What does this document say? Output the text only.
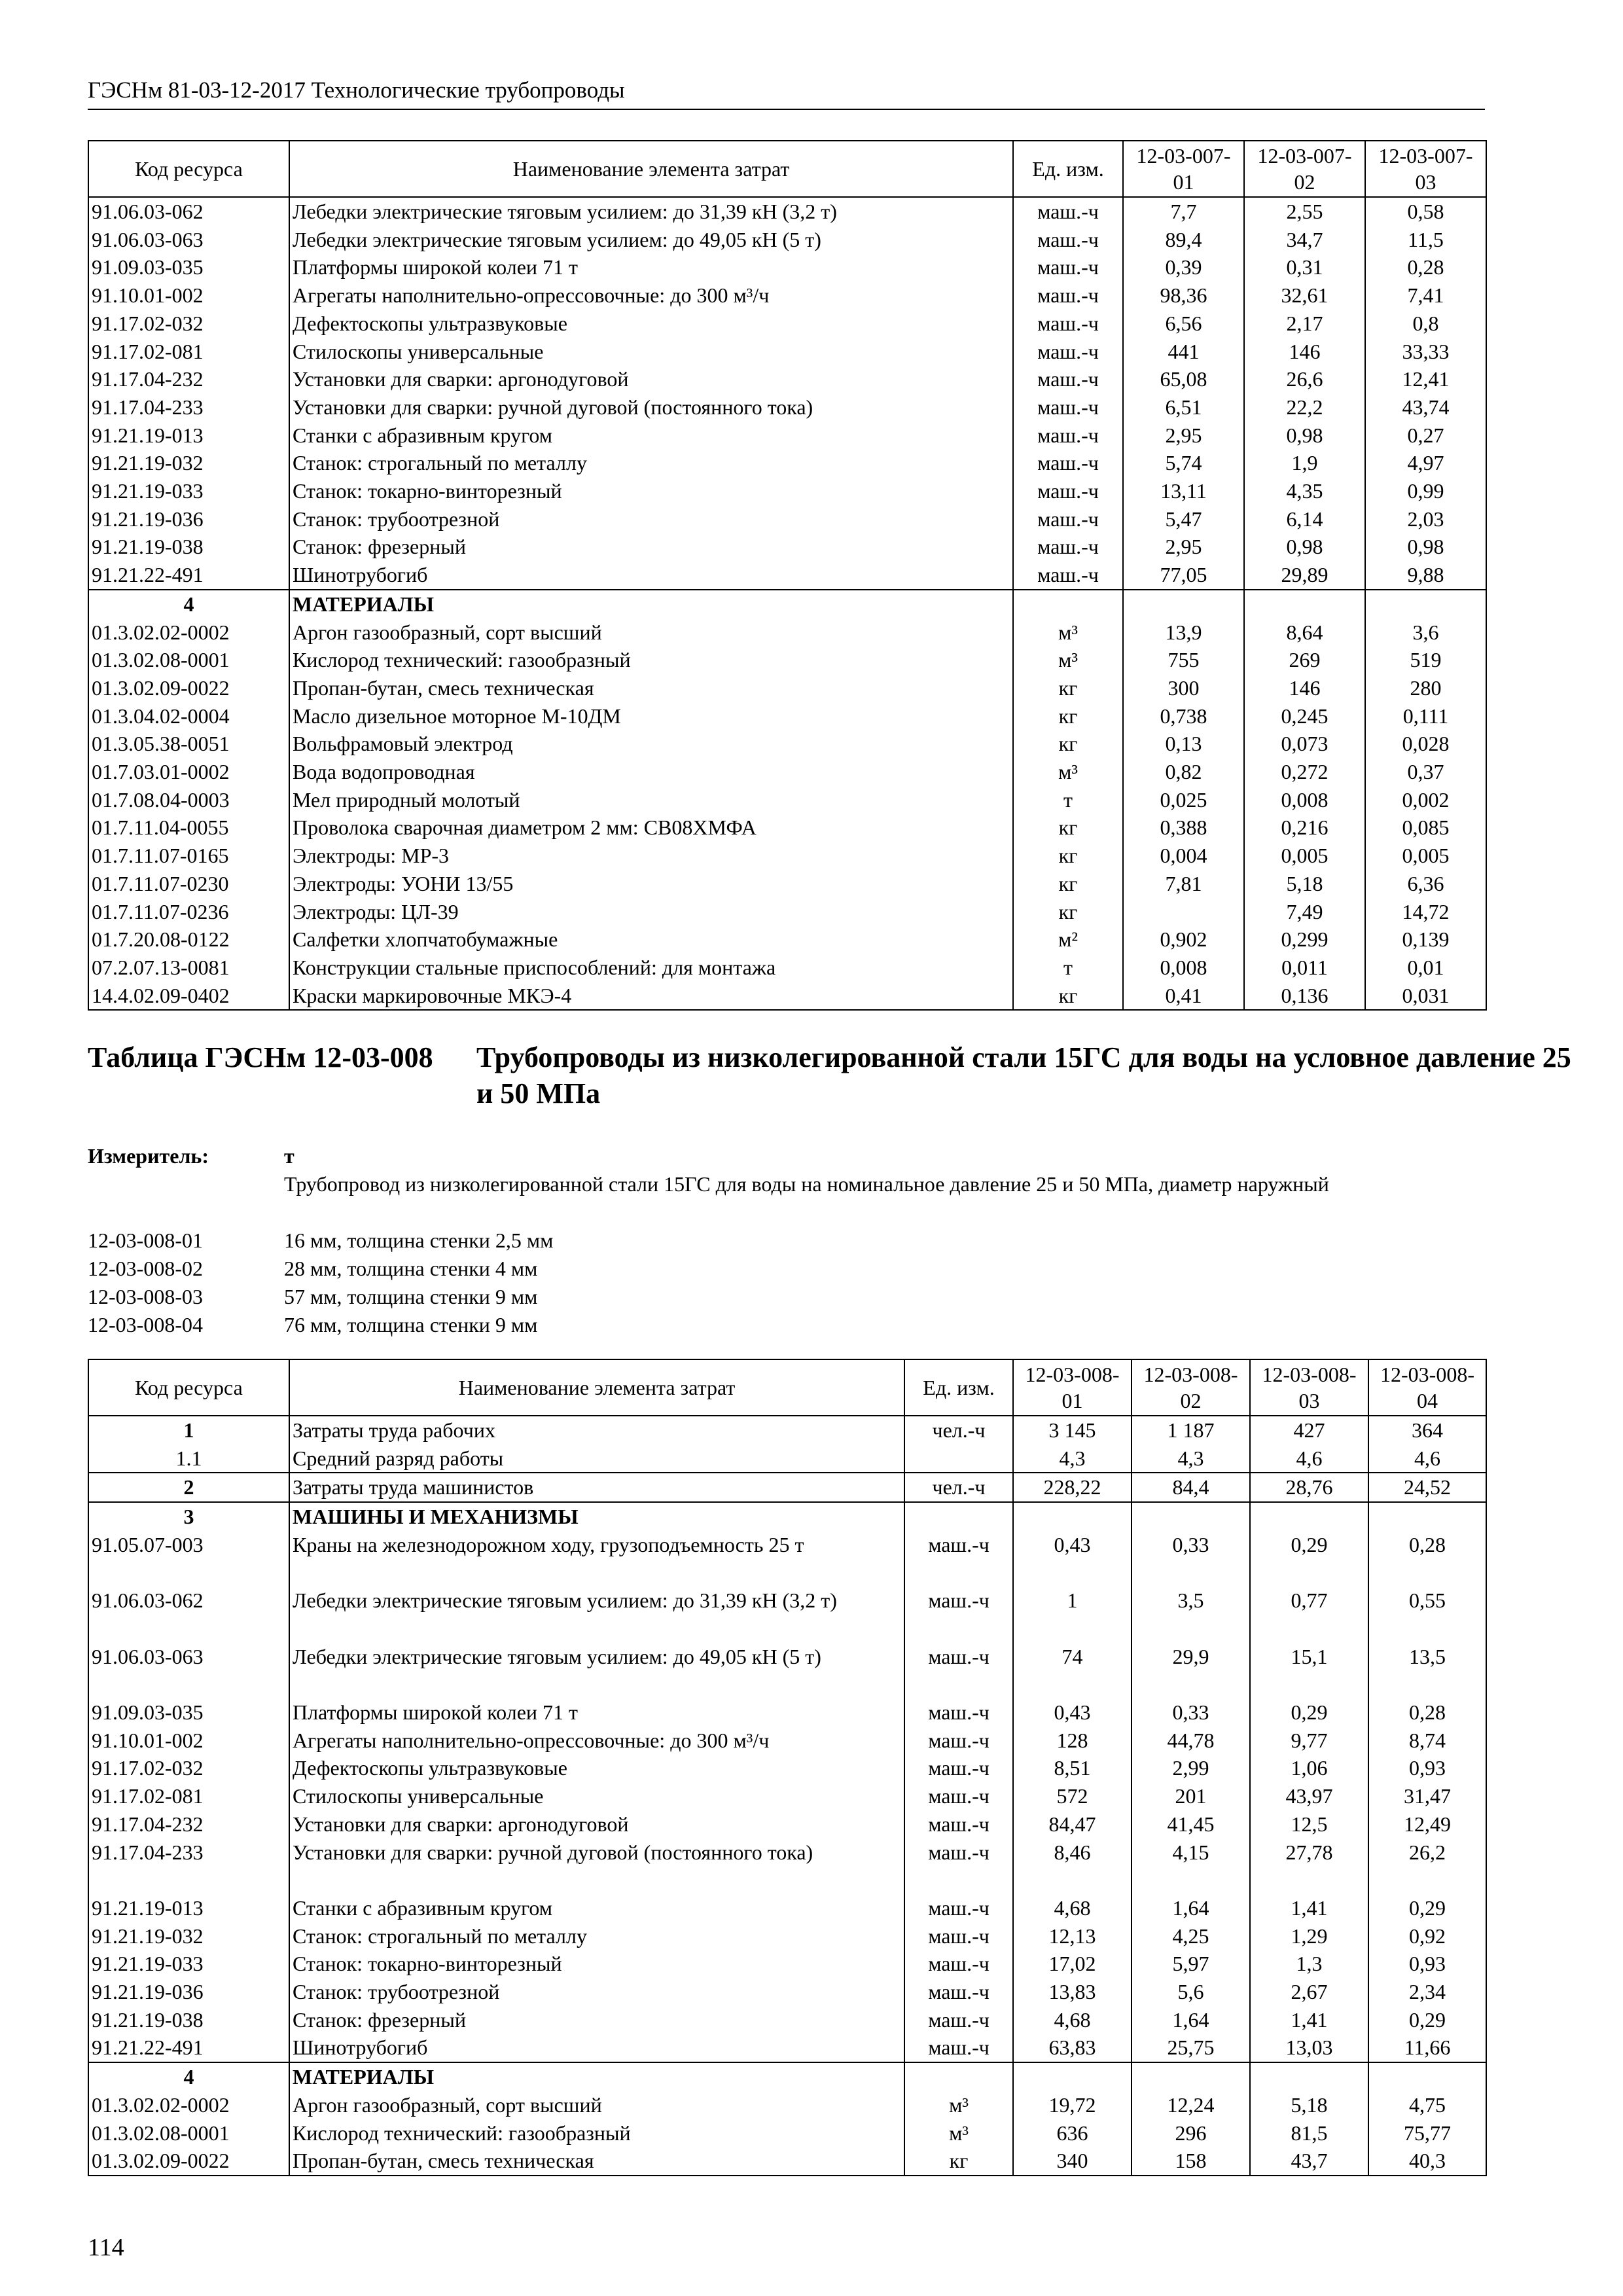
ГЭСНм 81-03-12-2017 Технологические трубопроводы
Код ресурса	Наименование элемента затрат	Ед. изм.	12-03-007-01	12-03-007-02	12-03-007-03
91.06.03-062	Лебедки электрические тяговым усилием: до 31,39 кН (3,2 т)	маш.-ч	7,7	2,55	0,58
91.06.03-063	Лебедки электрические тяговым усилием: до 49,05 кН (5 т)	маш.-ч	89,4	34,7	11,5
91.09.03-035	Платформы широкой колеи 71 т	маш.-ч	0,39	0,31	0,28
91.10.01-002	Агрегаты наполнительно-опрессовочные: до 300 м³/ч	маш.-ч	98,36	32,61	7,41
91.17.02-032	Дефектоскопы ультразвуковые	маш.-ч	6,56	2,17	0,8
91.17.02-081	Стилоскопы универсальные	маш.-ч	441	146	33,33
91.17.04-232	Установки для сварки: аргонодуговой	маш.-ч	65,08	26,6	12,41
91.17.04-233	Установки для сварки: ручной дуговой (постоянного тока)	маш.-ч	6,51	22,2	43,74
91.21.19-013	Станки с абразивным кругом	маш.-ч	2,95	0,98	0,27
91.21.19-032	Станок: строгальный по металлу	маш.-ч	5,74	1,9	4,97
91.21.19-033	Станок: токарно-винторезный	маш.-ч	13,11	4,35	0,99
91.21.19-036	Станок: трубоотрезной	маш.-ч	5,47	6,14	2,03
91.21.19-038	Станок: фрезерный	маш.-ч	2,95	0,98	0,98
91.21.22-491	Шинотрубогиб	маш.-ч	77,05	29,89	9,88
4	МАТЕРИАЛЫ				
01.3.02.02-0002	Аргон газообразный, сорт высший	м³	13,9	8,64	3,6
01.3.02.08-0001	Кислород технический: газообразный	м³	755	269	519
01.3.02.09-0022	Пропан-бутан, смесь техническая	кг	300	146	280
01.3.04.02-0004	Масло дизельное моторное М-10ДМ	кг	0,738	0,245	0,111
01.3.05.38-0051	Вольфрамовый электрод	кг	0,13	0,073	0,028
01.7.03.01-0002	Вода водопроводная	м³	0,82	0,272	0,37
01.7.08.04-0003	Мел природный молотый	т	0,025	0,008	0,002
01.7.11.04-0055	Проволока сварочная диаметром 2 мм: СВ08ХМФА	кг	0,388	0,216	0,085
01.7.11.07-0165	Электроды: МР-3	кг	0,004	0,005	0,005
01.7.11.07-0230	Электроды: УОНИ 13/55	кг	7,81	5,18	6,36
01.7.11.07-0236	Электроды: ЦЛ-39	кг		7,49	14,72
01.7.20.08-0122	Салфетки хлопчатобумажные	м²	0,902	0,299	0,139
07.2.07.13-0081	Конструкции стальные приспособлений: для монтажа	т	0,008	0,011	0,01
14.4.02.09-0402	Краски маркировочные МКЭ-4	кг	0,41	0,136	0,031
Таблица ГЭСНм 12-03-008 Трубопроводы из низколегированной стали 15ГС для воды на условное давление 25 и 50 МПа
Измеритель:	т
Трубопровод из низколегированной стали 15ГС для воды на номинальное давление 25 и 50 МПа, диаметр наружный
12-03-008-01	16 мм, толщина стенки 2,5 мм
12-03-008-02	28 мм, толщина стенки 4 мм
12-03-008-03	57 мм, толщина стенки 9 мм
12-03-008-04	76 мм, толщина стенки 9 мм
Код ресурса	Наименование элемента затрат	Ед. изм.	12-03-008-01	12-03-008-02	12-03-008-03	12-03-008-04
1	Затраты труда рабочих	чел.-ч	3 145	1 187	427	364
1.1	Средний разряд работы		4,3	4,3	4,6	4,6
2	Затраты труда машинистов	чел.-ч	228,22	84,4	28,76	24,52
3	МАШИНЫ И МЕХАНИЗМЫ					
91.05.07-003	Краны на железнодорожном ходу, грузоподъемность 25 т	маш.-ч	0,43	0,33	0,29	0,28
91.06.03-062	Лебедки электрические тяговым усилием: до 31,39 кН (3,2 т)	маш.-ч	1	3,5	0,77	0,55
91.06.03-063	Лебедки электрические тяговым усилием: до 49,05 кН (5 т)	маш.-ч	74	29,9	15,1	13,5
91.09.03-035	Платформы широкой колеи 71 т	маш.-ч	0,43	0,33	0,29	0,28
91.10.01-002	Агрегаты наполнительно-опрессовочные: до 300 м³/ч	маш.-ч	128	44,78	9,77	8,74
91.17.02-032	Дефектоскопы ультразвуковые	маш.-ч	8,51	2,99	1,06	0,93
91.17.02-081	Стилоскопы универсальные	маш.-ч	572	201	43,97	31,47
91.17.04-232	Установки для сварки: аргонодуговой	маш.-ч	84,47	41,45	12,5	12,49
91.17.04-233	Установки для сварки: ручной дуговой (постоянного тока)	маш.-ч	8,46	4,15	27,78	26,2
91.21.19-013	Станки с абразивным кругом	маш.-ч	4,68	1,64	1,41	0,29
91.21.19-032	Станок: строгальный по металлу	маш.-ч	12,13	4,25	1,29	0,92
91.21.19-033	Станок: токарно-винторезный	маш.-ч	17,02	5,97	1,3	0,93
91.21.19-036	Станок: трубоотрезной	маш.-ч	13,83	5,6	2,67	2,34
91.21.19-038	Станок: фрезерный	маш.-ч	4,68	1,64	1,41	0,29
91.21.22-491	Шинотрубогиб	маш.-ч	63,83	25,75	13,03	11,66
4	МАТЕРИАЛЫ					
01.3.02.02-0002	Аргон газообразный, сорт высший	м³	19,72	12,24	5,18	4,75
01.3.02.08-0001	Кислород технический: газообразный	м³	636	296	81,5	75,77
01.3.02.09-0022	Пропан-бутан, смесь техническая	кг	340	158	43,7	40,3
114
